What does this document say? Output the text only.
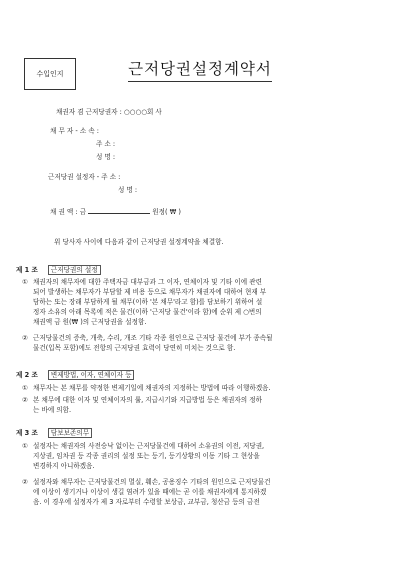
수입인지	근저당권설정계약서
채권자 겸 근저당권자 : ○○○○회 사
채 무 자 - 소 속 :
주 소 :
성 명 :
근저당권 설정자 - 주 소 :
성 명 :
채 권 액 : 금	원정( ₩ )
위 당사자 사이에 다음과 같이 근저당권 설정계약을 체결함.
제 1 조 근저당권의 설정
① 채권자의 채무자에 대한 주택자금 대부금과 그 이자, 연체이자 및 기타 이에 관련
되어 발생하는 채무자가 부담할 제 비용 등으로 채무자가 채권자에 대하여 현재 부
담하는 또는 장래 부담하게 될 채무(이하 '본 채무'라고 함)를 담보하기 위하여 설
정자 소유의 아래 목록에 적은 물건(이하 '근저당 물건'이라 함)에 순위 제 ○번의
채권액 금 원(₩ )의 근저당권을 설정함.
② 근저당물건의 증축, 개축, 수리, 개조 기타 각종 원인으로 근저당 물건에 부가 종속될
물건(입목 포함)에도 전항의 근저당권 효력이 당연히 미치는 것으로 함.
제 2 조 변제방법, 이자, 연체이자 등
① 채무자는 본 채무를 약정한 변제기일에 채권자의 지정하는 방법에 따라 이행하겠음.
② 본 채무에 대한 이자 및 연체이자의 률, 지급시기와 지급방법 등은 채권자의 정하
는 바에 의함.
제 3 조 담보보존의무
① 설정자는 채권자의 사전승낙 없이는 근저당물건에 대하여 소유권의 이전, 저당권,
지상권, 임차권 등 각종 권리의 설정 또는 등기, 등기상황의 이동 기타 그 현상을
변경하지 아니하겠음.
② 설정자와 채무자는 근저당물건의 멸실, 훼손, 공용징수 기타의 원인으로 근저당물건
에 이상이 생기거나 이상이 생길 염려가 있을 때에는 곧 이를 채권자에게 통지하겠
음. 이 경우에 설정자가 제 3 자로부터 수령할 보상금, 교부금, 청산금 등의 금전
